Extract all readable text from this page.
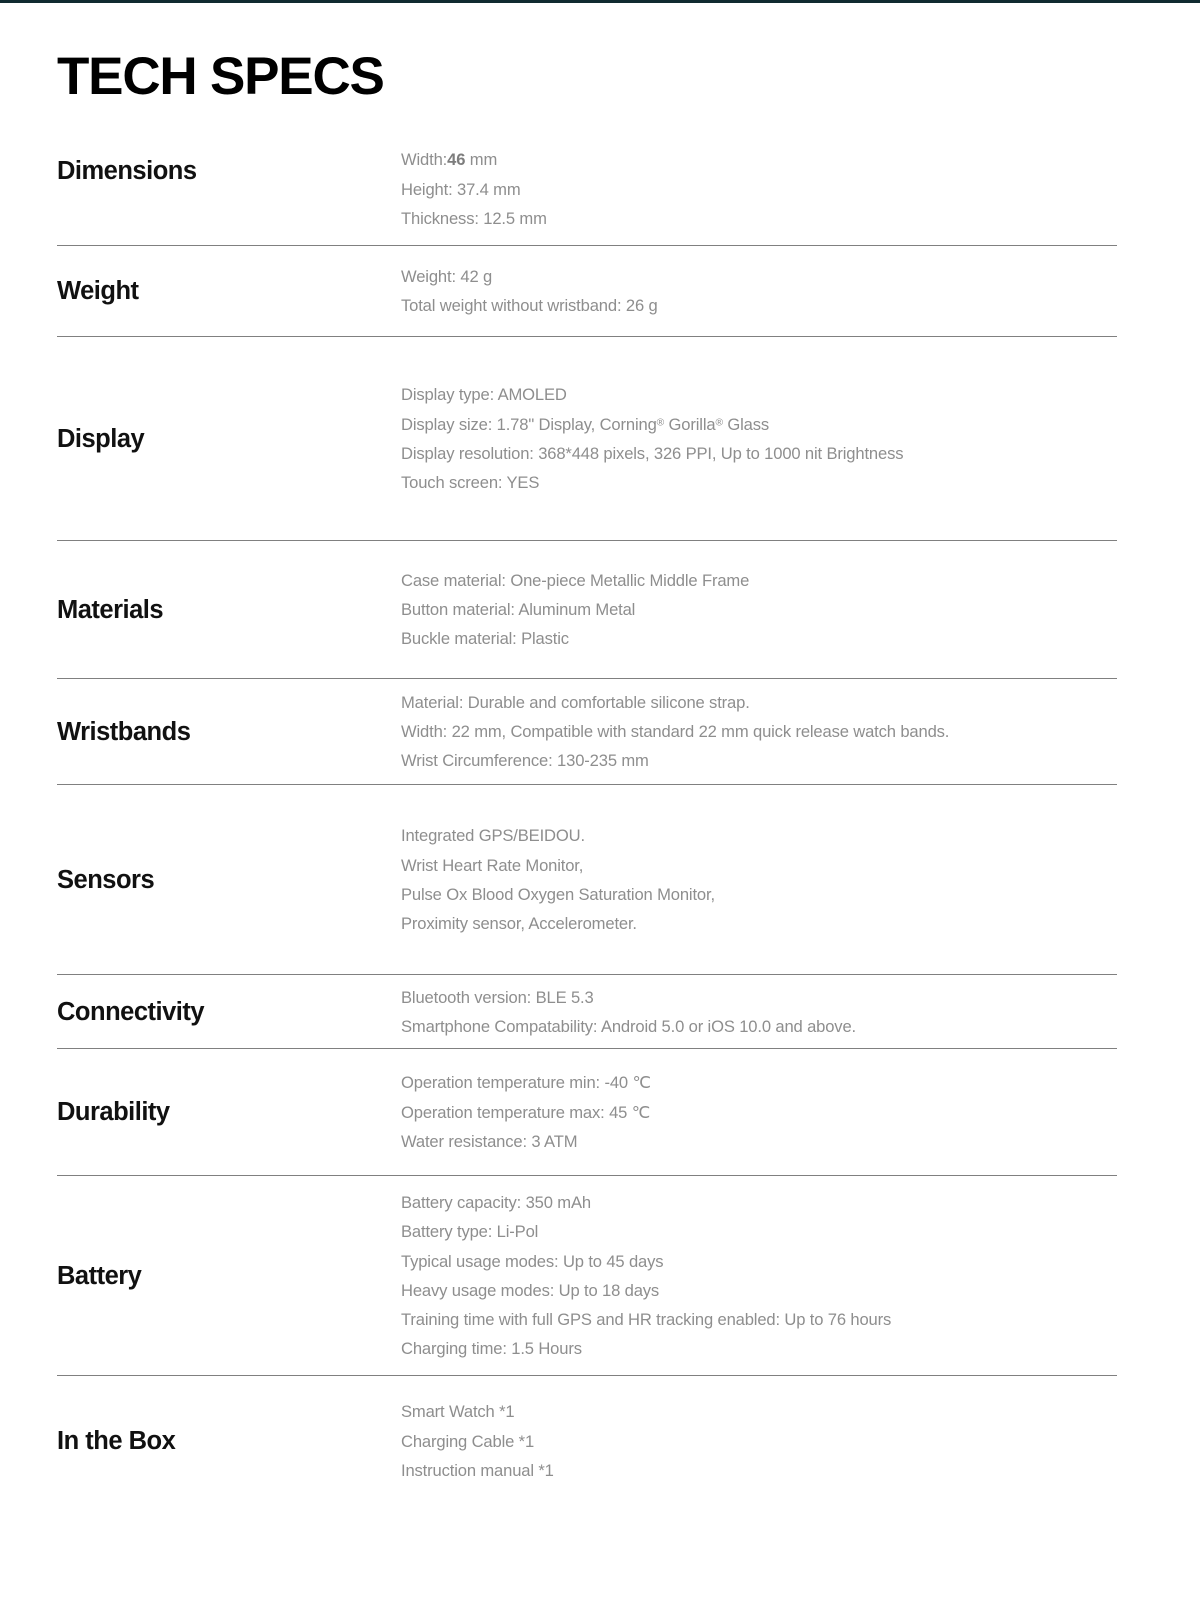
TECH SPECS
Dimensions	Width:46 mm
Height: 37.4 mm
Thickness: 12.5 mm
Weight
Weight: 42 g
Total weight without wristband: 26 g
Display
Display type: AMOLED
Display size: 1.78" Display, Corning® Gorilla® Glass
Display resolution: 368*448 pixels, 326 PPI, Up to 1000 nit Brightness
Touch screen: YES
Materials
Case material: One-piece Metallic Middle Frame
Button material: Aluminum Metal
Buckle material: Plastic
Wristbands
Material: Durable and comfortable silicone strap.
Width: 22 mm, Compatible with standard 22 mm quick release watch bands.
Wrist Circumference: 130-235 mm
Sensors
Integrated GPS/BEIDOU.
Wrist Heart Rate Monitor,
Pulse Ox Blood Oxygen Saturation Monitor,
Proximity sensor, Accelerometer.
Connectivity
Bluetooth version: BLE 5.3
Smartphone Compatability: Android 5.0 or iOS 10.0 and above.
Durability
Operation temperature min: -40 ℃
Operation temperature max: 45 ℃
Water resistance: 3 ATM
Battery
Battery capacity: 350 mAh
Battery type: Li-Pol
Typical usage modes: Up to 45 days
Heavy usage modes: Up to 18 days
Training time with full GPS and HR tracking enabled: Up to 76 hours
Charging time: 1.5 Hours
In the Box
Smart Watch *1
Charging Cable *1
Instruction manual *1
